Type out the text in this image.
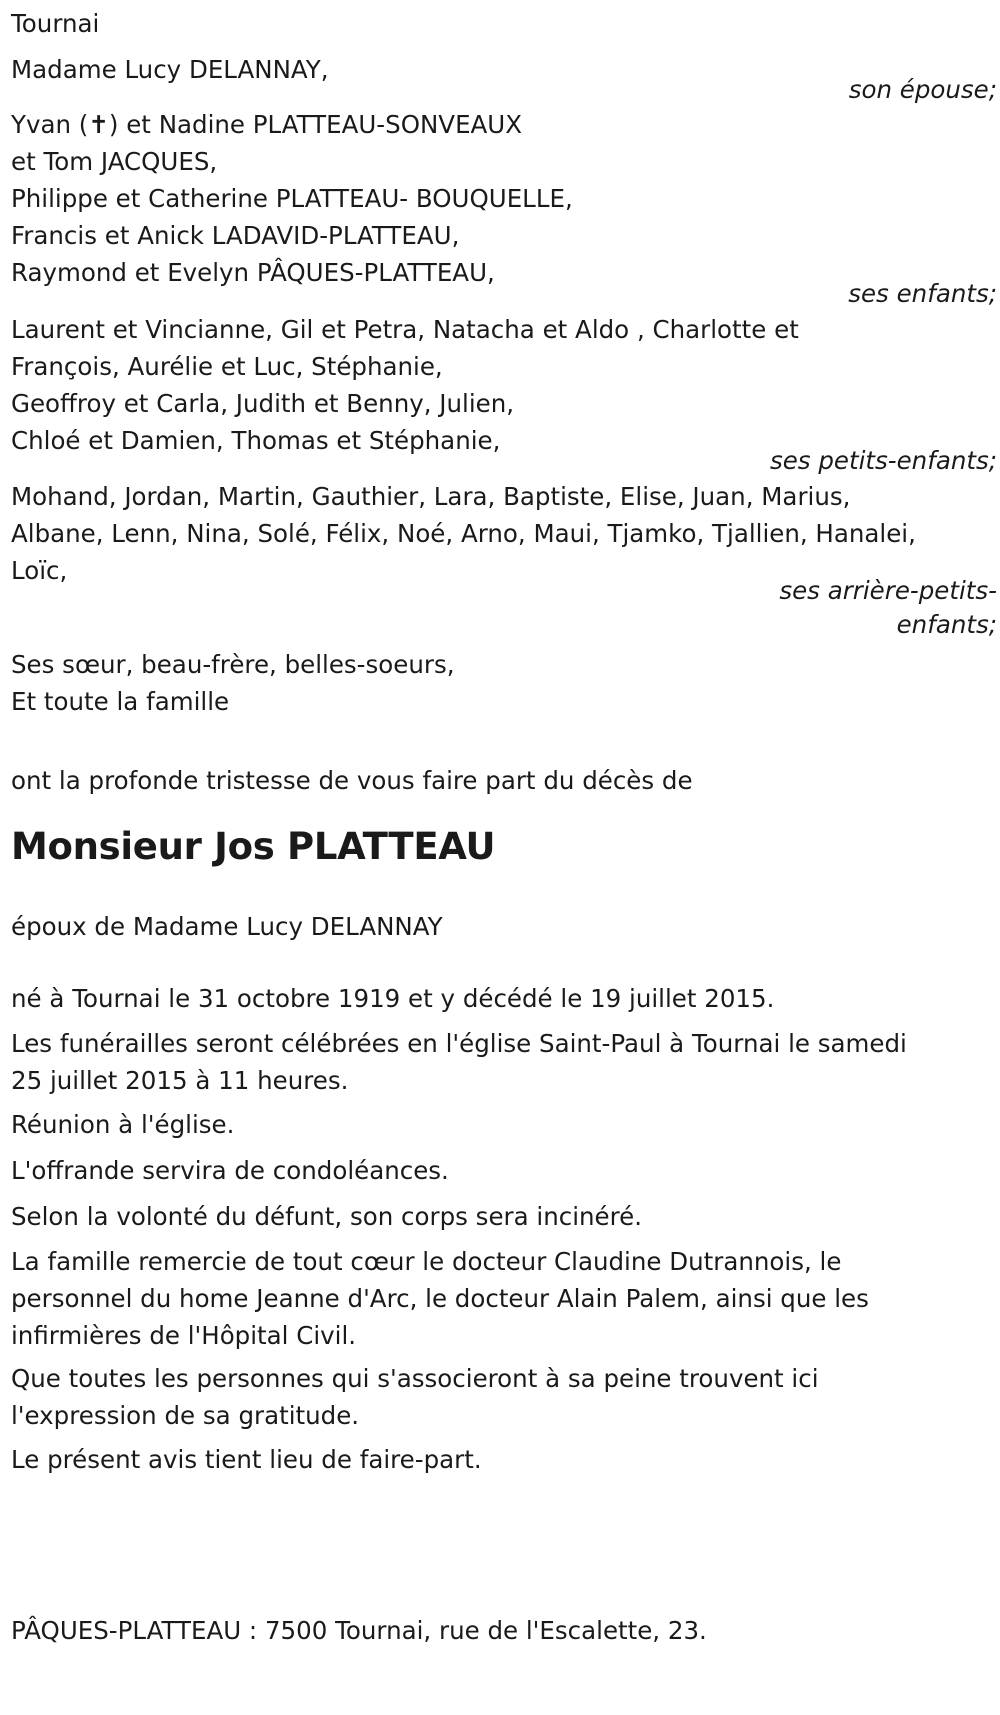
Tournai
Madame Lucy DELANNAY,
son épouse;
Yvan (✝) et Nadine PLATTEAU-SONVEAUX
et Tom JACQUES,
Philippe et Catherine PLATTEAU- BOUQUELLE,
Francis et Anick LADAVID-PLATTEAU,
Raymond et Evelyn PÂQUES-PLATTEAU,
ses enfants;
Laurent et Vincianne, Gil et Petra, Natacha et Aldo , Charlotte et
François, Aurélie et Luc, Stéphanie,
Geoffroy et Carla, Judith et Benny, Julien,
Chloé et Damien, Thomas et Stéphanie,
ses petits-enfants;
Mohand, Jordan, Martin, Gauthier, Lara, Baptiste, Elise, Juan, Marius,
Albane, Lenn, Nina, Solé, Félix, Noé, Arno, Maui, Tjamko, Tjallien, Hanalei,
Loïc,
ses arrière-petits-
enfants;
Ses sœur, beau-frère, belles-soeurs,
Et toute la famille
ont la profonde tristesse de vous faire part du décès de
Monsieur Jos PLATTEAU
époux de Madame Lucy DELANNAY
né à Tournai le 31 octobre 1919 et y décédé le 19 juillet 2015.
Les funérailles seront célébrées en l'église Saint-Paul à Tournai le samedi
25 juillet 2015 à 11 heures.
Réunion à l'église.
L'offrande servira de condoléances.
Selon la volonté du défunt, son corps sera incinéré.
La famille remercie de tout cœur le docteur Claudine Dutrannois, le
personnel du home Jeanne d'Arc, le docteur Alain Palem, ainsi que les
infirmières de l'Hôpital Civil.
Que toutes les personnes qui s'associeront à sa peine trouvent ici
l'expression de sa gratitude.
Le présent avis tient lieu de faire-part.
PÂQUES-PLATTEAU : 7500 Tournai, rue de l'Escalette, 23.
